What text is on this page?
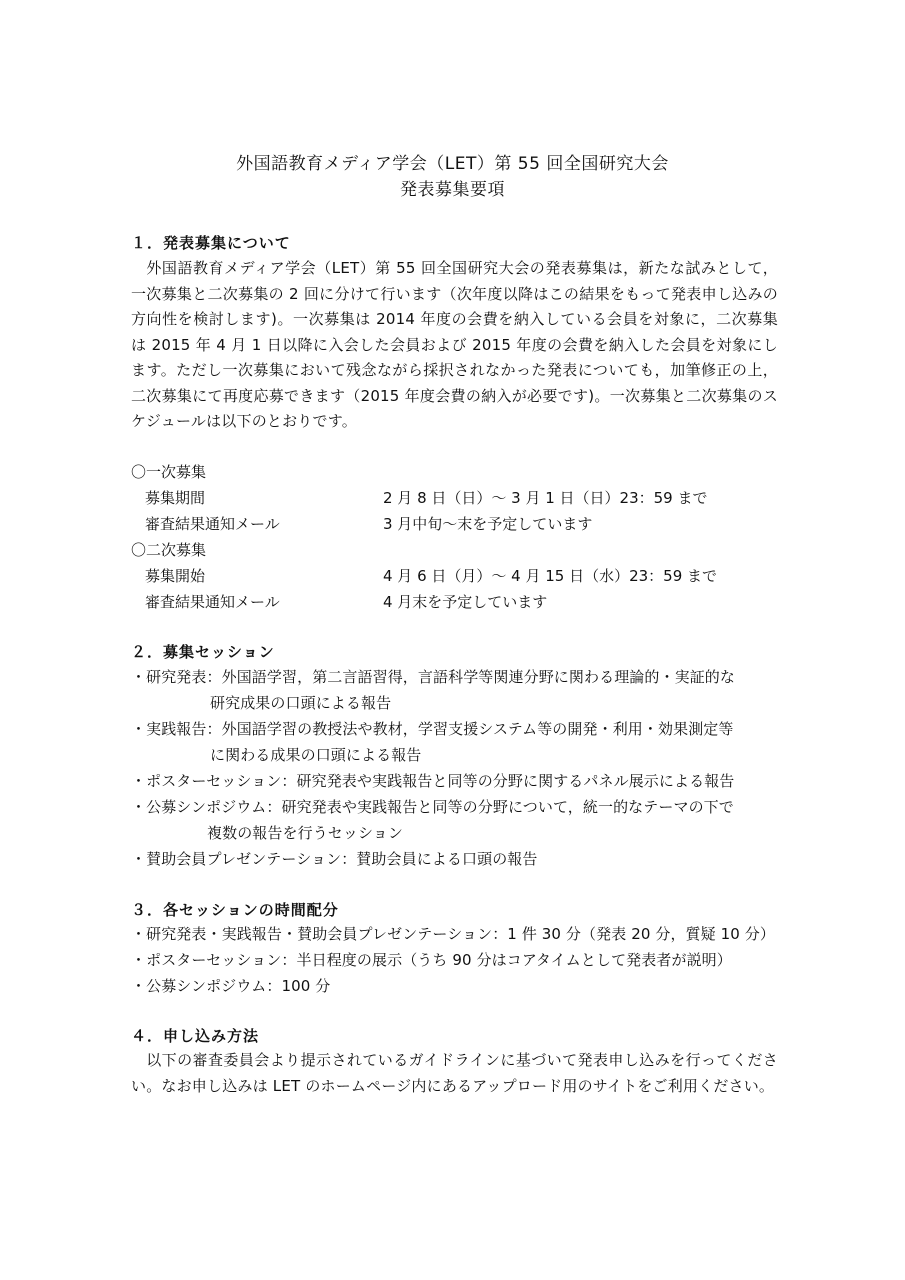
外国語教育メディア学会（LET）第 55 回全国研究大会
発表募集要項
１．発表募集について
外国語教育メディア学会（LET）第 55 回全国研究大会の発表募集は，新たな試みとして，一次募集と二次募集の 2 回に分けて行います（次年度以降はこの結果をもって発表申し込みの方向性を検討します)。一次募集は 2014 年度の会費を納入している会員を対象に，二次募集は 2015 年 4 月 1 日以降に入会した会員および 2015 年度の会費を納入した会員を対象にします。ただし一次募集において残念ながら採択されなかった発表についても，加筆修正の上，二次募集にて再度応募できます（2015 年度会費の納入が必要です)。一次募集と二次募集のスケジュールは以下のとおりです。
〇一次募集
募集期間	2 月 8 日（日）～ 3 月 1 日（日）23：59 まで
審査結果通知メール	3 月中旬～末を予定しています
〇二次募集
募集開始	4 月 6 日（月）～ 4 月 15 日（水）23：59 まで
審査結果通知メール	4 月末を予定しています
２．募集セッション
・研究発表：外国語学習，第二言語習得，言語科学等関連分野に関わる理論的・実証的な
研究成果の口頭による報告
・実践報告：外国語学習の教授法や教材，学習支援システム等の開発・利用・効果測定等
に関わる成果の口頭による報告
・ポスターセッション：研究発表や実践報告と同等の分野に関するパネル展示による報告
・公募シンポジウム：研究発表や実践報告と同等の分野について，統一的なテーマの下で
複数の報告を行うセッション
・賛助会員プレゼンテーション：賛助会員による口頭の報告
３．各セッションの時間配分
・研究発表・実践報告・賛助会員プレゼンテーション：1 件 30 分（発表 20 分，質疑 10 分）
・ポスターセッション：半日程度の展示（うち 90 分はコアタイムとして発表者が説明）
・公募シンポジウム：100 分
４．申し込み方法
以下の審査委員会より提示されているガイドラインに基づいて発表申し込みを行ってください。なお申し込みは LET のホームページ内にあるアップロード用のサイトをご利用ください。
